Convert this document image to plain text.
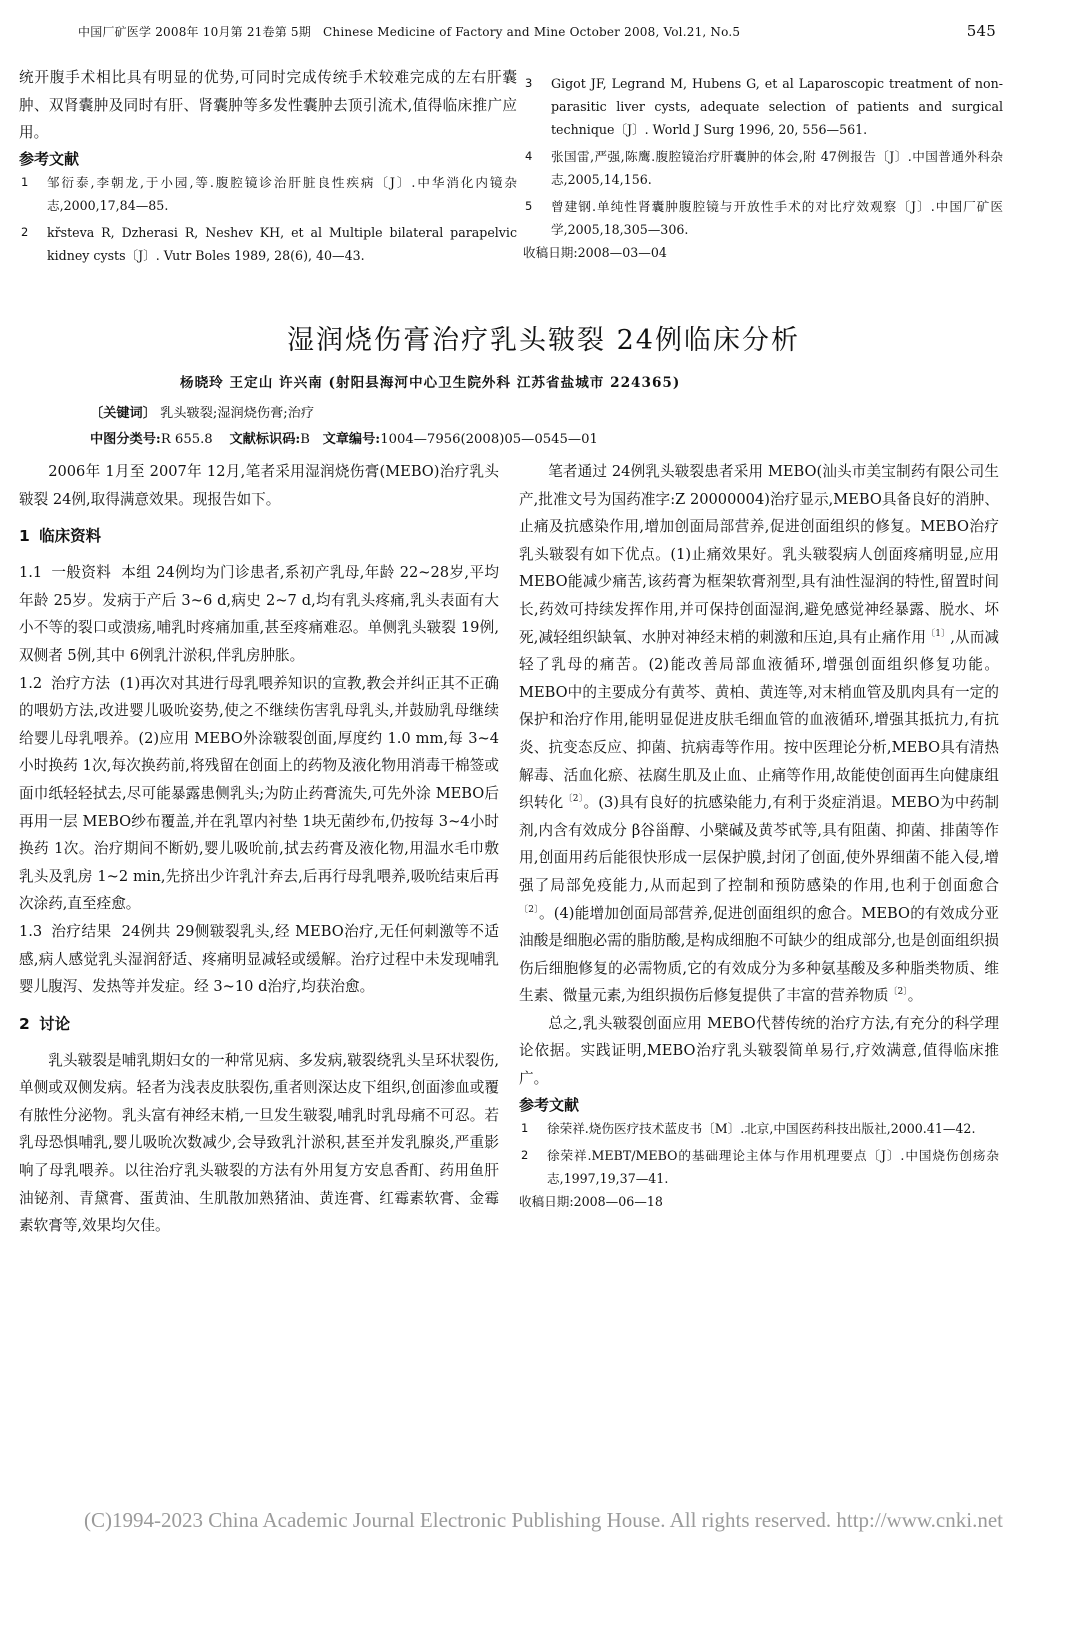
中国厂矿医学 2008年 10月第 21卷第 5期 Chinese Medicine of Factory and Mine October 2008, Vol.21, No.5	545

统开腹手术相比具有明显的优势,可同时完成传统手术较难完成的左右肝囊肿、双肾囊肿及同时有肝、肾囊肿等多发性囊肿去顶引流术,值得临床推广应用。

参考文献

1 邹衍泰,李朝龙,于小园,等.腹腔镜诊治肝脏良性疾病〔J〕.中华消化内镜杂志,2000,17,84—85.

2 kr̆steva R, Dzherasi R, Neshev KH, et al Multiple bilateral parapelvic kidney cysts〔J〕. Vutr Boles 1989, 28(6), 40—43.

3 Gigot JF, Legrand M, Hubens G, et al Laparoscopic treatment of non-parasitic liver cysts, adequate selection of patients and surgical technique〔J〕. World J Surg 1996, 20, 556—561.

4 张国雷,严强,陈鹰.腹腔镜治疗肝囊肿的体会,附 47例报告〔J〕.中国普通外科杂志,2005,14,156.

5 曾建钢.单纯性肾囊肿腹腔镜与开放性手术的对比疗效观察〔J〕.中国厂矿医学,2005,18,305—306.

收稿日期:2008—03—04

湿润烧伤膏治疗乳头皲裂 24例临床分析
杨晓玲 王定山 许兴南 (射阳县海河中心卫生院外科 江苏省盐城市 224365)
〔关键词〕 乳头皲裂;湿润烧伤膏;治疗
中图分类号:R 655.8 文献标识码:B 文章编号:1004—7956(2008)05—0545—01

2006年 1月至 2007年 12月,笔者采用湿润烧伤膏(MEBO)治疗乳头皲裂 24例,取得满意效果。现报告如下。

1 临床资料

1.1 一般资料 本组 24例均为门诊患者,系初产乳母,年龄 22~28岁,平均年龄 25岁。发病于产后 3~6 d,病史 2~7 d,均有乳头疼痛,乳头表面有大小不等的裂口或溃疡,哺乳时疼痛加重,甚至疼痛难忍。单侧乳头皲裂 19例,双侧者 5例,其中 6例乳汁淤积,伴乳房肿胀。

1.2 治疗方法 (1)再次对其进行母乳喂养知识的宣教,教会并纠正其不正确的喂奶方法,改进婴儿吸吮姿势,使之不继续伤害乳母乳头,并鼓励乳母继续给婴儿母乳喂养。(2)应用 MEBO外涂皲裂创面,厚度约 1.0 mm,每 3~4小时换药 1次,每次换药前,将残留在创面上的药物及液化物用消毒干棉签或面巾纸轻轻拭去,尽可能暴露患侧乳头;为防止药膏流失,可先外涂 MEBO后再用一层 MEBO纱布覆盖,并在乳罩内衬垫 1块无菌纱布,仍按每 3~4小时换药 1次。治疗期间不断奶,婴儿吸吮前,拭去药膏及液化物,用温水毛巾敷乳头及乳房 1~2 min,先挤出少许乳汁弃去,后再行母乳喂养,吸吮结束后再次涂药,直至痊愈。

1.3 治疗结果 24例共 29侧皲裂乳头,经 MEBO治疗,无任何刺激等不适感,病人感觉乳头湿润舒适、疼痛明显减轻或缓解。治疗过程中未发现哺乳婴儿腹泻、发热等并发症。经 3~10 d治疗,均获治愈。

2 讨论

乳头皲裂是哺乳期妇女的一种常见病、多发病,皲裂绕乳头呈环状裂伤,单侧或双侧发病。轻者为浅表皮肤裂伤,重者则深达皮下组织,创面渗血或覆有脓性分泌物。乳头富有神经末梢,一旦发生皲裂,哺乳时乳母痛不可忍。若乳母恐惧哺乳,婴儿吸吮次数减少,会导致乳汁淤积,甚至并发乳腺炎,严重影响了母乳喂养。以往治疗乳头皲裂的方法有外用复方安息香酊、药用鱼肝油铋剂、青黛膏、蛋黄油、生肌散加熟猪油、黄连膏、红霉素软膏、金霉素软膏等,效果均欠佳。

笔者通过 24例乳头皲裂患者采用 MEBO(汕头市美宝制药有限公司生产,批准文号为国药准字:Z 20000004)治疗显示,MEBO具备良好的消肿、止痛及抗感染作用,增加创面局部营养,促进创面组织的修复。MEBO治疗乳头皲裂有如下优点。(1)止痛效果好。乳头皲裂病人创面疼痛明显,应用 MEBO能减少痛苦,该药膏为框架软膏剂型,具有油性湿润的特性,留置时间长,药效可持续发挥作用,并可保持创面湿润,避免感觉神经暴露、脱水、坏死,减轻组织缺氧、水肿对神经末梢的刺激和压迫,具有止痛作用$^{〔1〕}$,从而减轻了乳母的痛苦。(2)能改善局部血液循环,增强创面组织修复功能。MEBO中的主要成分有黄芩、黄柏、黄连等,对末梢血管及肌肉具有一定的保护和治疗作用,能明显促进皮肤毛细血管的血液循环,增强其抵抗力,有抗炎、抗变态反应、抑菌、抗病毒等作用。按中医理论分析,MEBO具有清热解毒、活血化瘀、祛腐生肌及止血、止痛等作用,故能使创面再生向健康组织转化$^{〔2〕}$。(3)具有良好的抗感染能力,有利于炎症消退。MEBO为中药制剂,内含有效成分 β谷甾醇、小檗碱及黄芩甙等,具有阻菌、抑菌、排菌等作用,创面用药后能很快形成一层保护膜,封闭了创面,使外界细菌不能入侵,增强了局部免疫能力,从而起到了控制和预防感染的作用,也利于创面愈合$^{〔2〕}$。(4)能增加创面局部营养,促进创面组织的愈合。MEBO的有效成分亚油酸是细胞必需的脂肪酸,是构成细胞不可缺少的组成部分,也是创面组织损伤后细胞修复的必需物质,它的有效成分为多种氨基酸及多种脂类物质、维生素、微量元素,为组织损伤后修复提供了丰富的营养物质$^{〔2〕}$。

总之,乳头皲裂创面应用 MEBO代替传统的治疗方法,有充分的科学理论依据。实践证明,MEBO治疗乳头皲裂简单易行,疗效满意,值得临床推广。

参考文献

1 徐荣祥.烧伤医疗技术蓝皮书〔M〕.北京,中国医药科技出版社,2000.41—42.

2 徐荣祥.MEBT/MEBO的基础理论主体与作用机理要点〔J〕.中国烧伤创疡杂志,1997,19,37—41.

收稿日期:2008—06—18

(C)1994-2023 China Academic Journal Electronic Publishing House. All rights reserved. http://www.cnki.net
